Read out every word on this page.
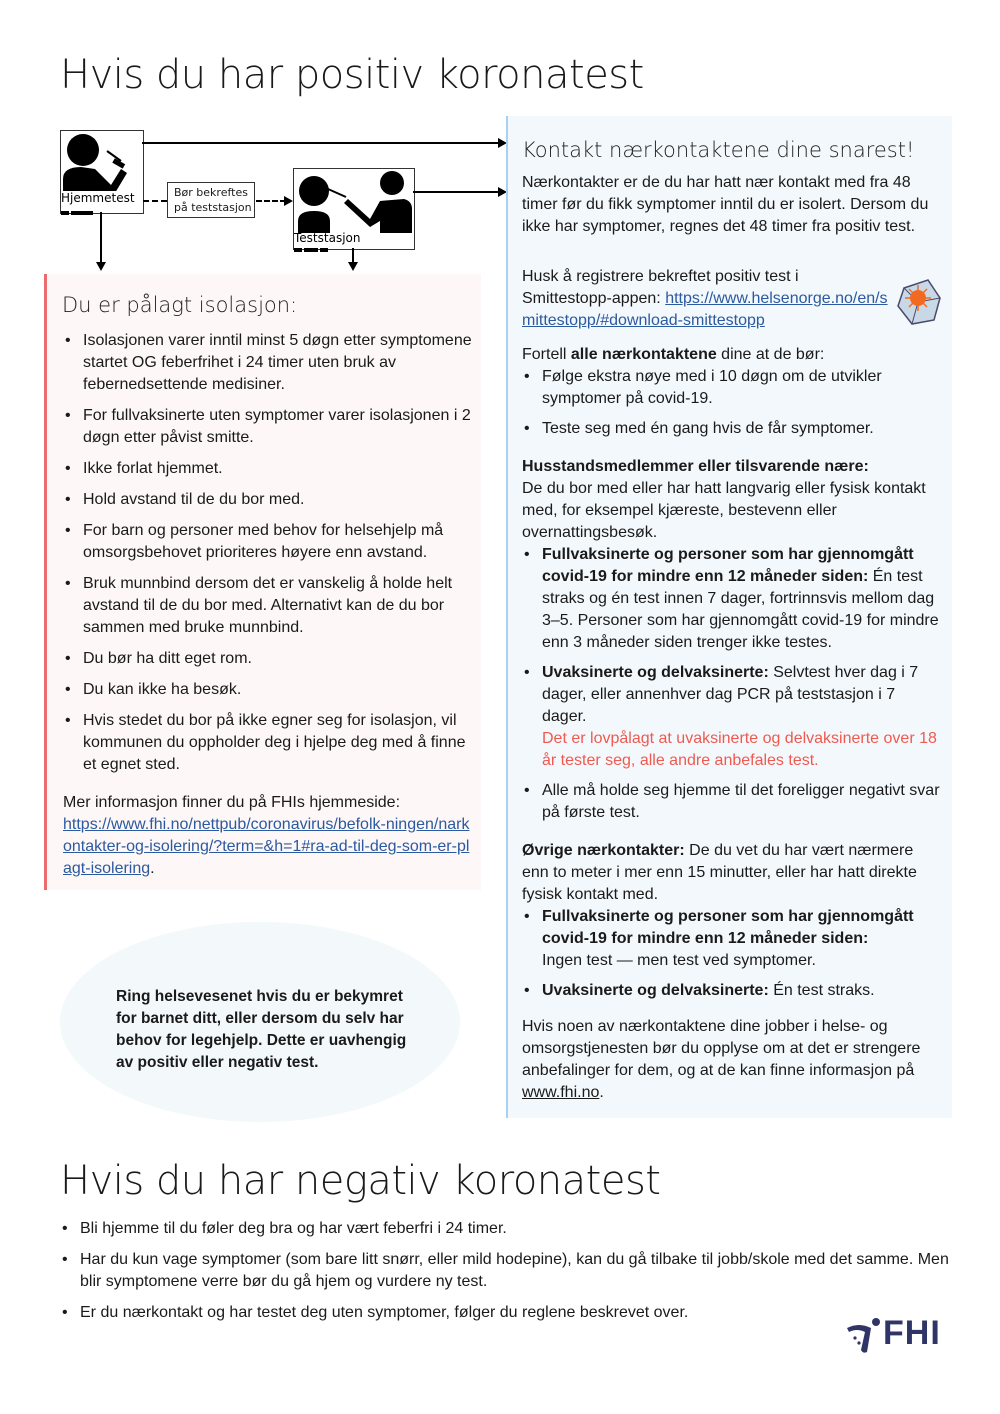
Hvis du har positiv koronatest
Hjemmetest	Bør bekreftes
på teststasjon
Teststasjon
Du er pålagt isolasjon:
• Isolasjonen varer inntil minst 5 døgn etter symptomene startet OG feberfrihet i 24 timer uten bruk av febernedsettende medisiner.
• For fullvaksinerte uten symptomer varer isolasjonen i 2 døgn etter påvist smitte.
• Ikke forlat hjemmet.
• Hold avstand til de du bor med.
• For barn og personer med behov for helsehjelp må omsorgsbehovet prioriteres høyere enn avstand.
• Bruk munnbind dersom det er vanskelig å holde helt avstand til de du bor med. Alternativt kan de du bor sammen med bruke munnbind.
• Du bør ha ditt eget rom.
• Du kan ikke ha besøk.
• Hvis stedet du bor på ikke egner seg for isolasjon, vil kommunen du oppholder deg i hjelpe deg med å finne et egnet sted.
Mer informasjon finner du på FHIs hjemmeside:
https://www.fhi.no/nettpub/coronavirus/befolk-ningen/narkontakter-og-isolering/?term=&h=1#ra-ad-til-deg-som-er-plagt-isolering.
Kontakt nærkontaktene dine snarest!

Nærkontakter er de du har hatt nær kontakt med fra 48 timer før du fikk symptomer inntil du er isolert. Dersom du ikke har symptomer, regnes det 48 timer fra positiv test.

Husk å registrere bekreftet positiv test i Smittestopp-appen: https://www.helsenorge.no/en/smittestopp/#download-smittestopp

Fortell alle nærkontaktene dine at de bør:
• Følge ekstra nøye med i 10 døgn om de utvikler symptomer på covid-19.
• Teste seg med én gang hvis de får symptomer.
Husstandsmedlemmer eller tilsvarende nære:
De du bor med eller har hatt langvarig eller fysisk kontakt med, for eksempel kjæreste, bestevenn eller overnattingsbesøk.
• Fullvaksinerte og personer som har gjennomgått covid-19 for mindre enn 12 måneder siden: Én test straks og én test innen 7 dager, fortrinnsvis mellom dag 3–5. Personer som har gjennomgått covid-19 for mindre enn 3 måneder siden trenger ikke testes.
• Uvaksinerte og delvaksinerte: Selvtest hver dag i 7 dager, eller annenhver dag PCR på teststasjon i 7 dager.
Det er lovpålagt at uvaksinerte og delvaksinerte over 18 år tester seg, alle andre anbefales test.
• Alle må holde seg hjemme til det foreligger negativt svar på første test.
Øvrige nærkontakter: De du vet du har vært nærmere enn to meter i mer enn 15 minutter, eller har hatt direkte fysisk kontakt med.
• Fullvaksinerte og personer som har gjennomgått covid-19 for mindre enn 12 måneder siden:
Ingen test — men test ved symptomer.
• Uvaksinerte og delvaksinerte: Én test straks.

Hvis noen av nærkontaktene dine jobber i helse- og omsorgstjenesten bør du opplyse om at det er strengere anbefalinger for dem, og at de kan finne informasjon på www.fhi.no.

Ring helsevesenet hvis du er bekymret for barnet ditt, eller dersom du selv har behov for legehjelp. Dette er uavhengig av positiv eller negativ test.

Hvis du har negativ koronatest
• Bli hjemme til du føler deg bra og har vært feberfri i 24 timer.
• Har du kun vage symptomer (som bare litt snørr, eller mild hodepine), kan du gå tilbake til jobb/skole med det samme. Men blir symptomene verre bør du gå hjem og vurdere ny test.
• Er du nærkontakt og har testet deg uten symptomer, følger du reglene beskrevet over.
FHI
